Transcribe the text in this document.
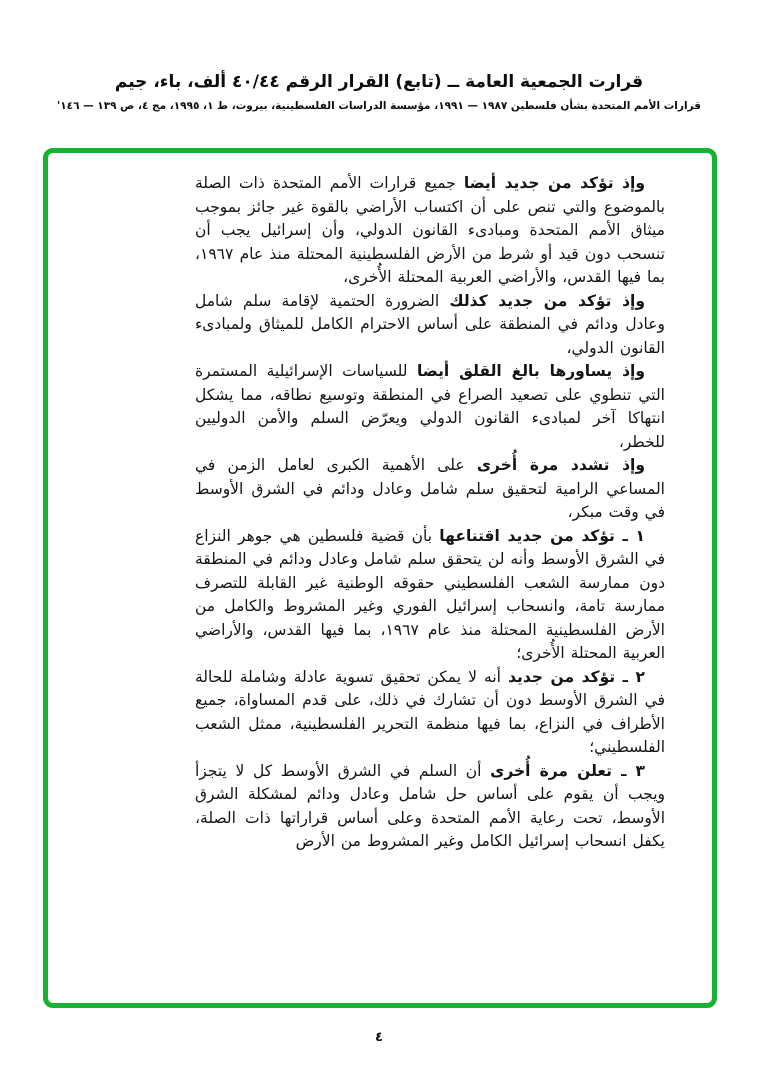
قرارت الجمعية العامة ــ (تابع) القرار الرقم ٤٠/٤٤ ألف، باء، جيم
قرارات الأمم المتحدة بشأن فلسطين ١٩٨٧ — ١٩٩١، مؤسسة الدراسات الفلسطينية، بيروت، ط ١، ١٩٩٥، مج ٤، ص ١٣٩ — ١٤٦'

وإذ تؤكد من جديد أيضا جميع قرارات الأمم المتحدة ذات الصلة بالموضوع والتي تنص على أن اكتساب الأراضي بالقوة غير جائز بموجب ميثاق الأمم المتحدة ومبادىء القانون الدولي، وأن إسرائيل يجب أن تنسحب دون قيد أو شرط من الأرض الفلسطينية المحتلة منذ عام ١٩٦٧، بما فيها القدس، والأراضي العربية المحتلة الأُخرى،

وإذ تؤكد من جديد كذلك الضرورة الحتمية لإقامة سلم شامل وعادل ودائم في المنطقة على أساس الاحترام الكامل للميثاق ولمبادىء القانون الدولي،

وإذ يساورها بالغ القلق أيضا للسياسات الإسرائيلية المستمرة التي تنطوي على تصعيد الصراع في المنطقة وتوسيع نطاقه، مما يشكل انتهاكا آخر لمبادىء القانون الدولي ويعرّض السلم والأمن الدوليين للخطر،

وإذ تشدد مرة أُخرى على الأهمية الكبرى لعامل الزمن في المساعي الرامية لتحقيق سلم شامل وعادل ودائم في الشرق الأوسط في وقت مبكر،

١ ـ تؤكد من جديد اقتناعها بأن قضية فلسطين هي جوهر النزاع في الشرق الأوسط وأنه لن يتحقق سلم شامل وعادل ودائم في المنطقة دون ممارسة الشعب الفلسطيني حقوقه الوطنية غير القابلة للتصرف ممارسة تامة، وانسحاب إسرائيل الفوري وغير المشروط والكامل من الأرض الفلسطينية المحتلة منذ عام ١٩٦٧، بما فيها القدس، والأراضي العربية المحتلة الأُخرى؛

٢ ـ تؤكد من جديد أنه لا يمكن تحقيق تسوية عادلة وشاملة للحالة في الشرق الأوسط دون أن تشارك في ذلك، على قدم المساواة، جميع الأطراف في النزاع، بما فيها منظمة التحرير الفلسطينية، ممثل الشعب الفلسطيني؛

٣ ـ تعلن مرة أُخرى أن السلم في الشرق الأوسط كل لا يتجزأ ويجب أن يقوم على أساس حل شامل وعادل ودائم لمشكلة الشرق الأوسط، تحت رعاية الأمم المتحدة وعلى أساس قراراتها ذات الصلة، يكفل انسحاب إسرائيل الكامل وغير المشروط من الأرض

٤
